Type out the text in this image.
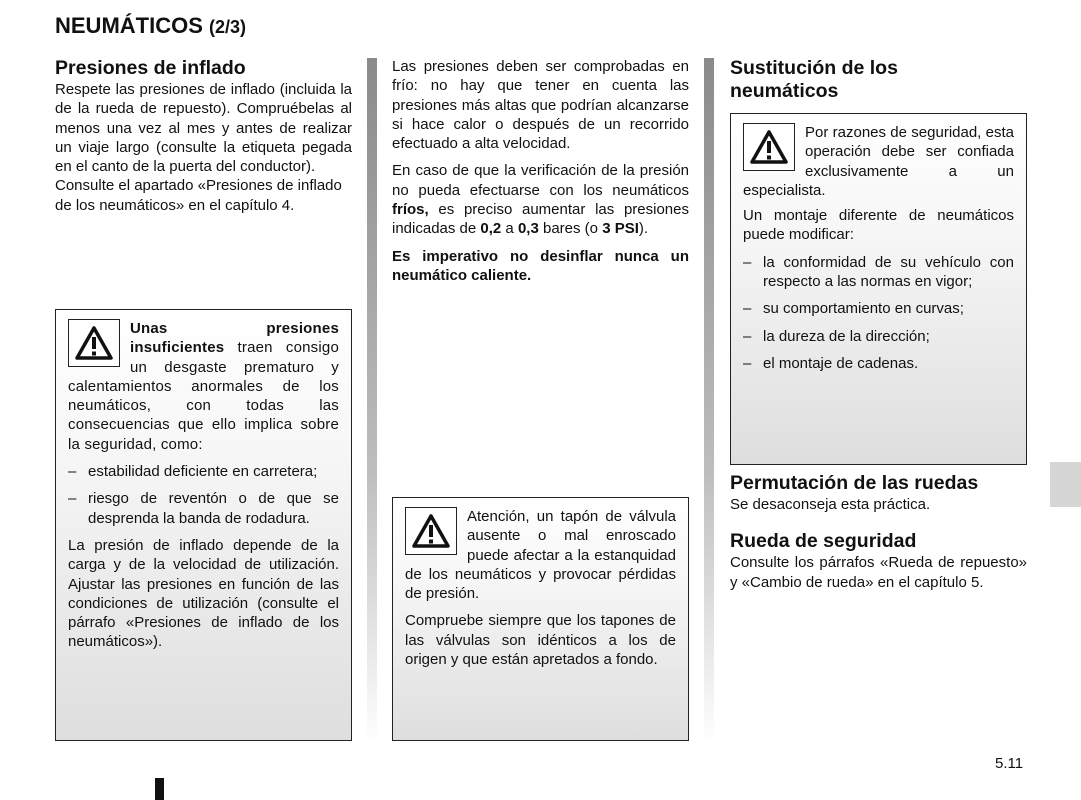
NEUMÁTICOS (2/3)
Presiones de inflado

Respete las presiones de inflado (incluida la de la rueda de repuesto). Compruébelas al menos una vez al mes y antes de realizar un viaje largo (consulte la etiqueta pegada en el canto de la puerta del conductor).

Consulte el apartado «Presiones de inflado de los neumáticos» en el capítulo 4.

Unas presiones insuficientes traen consigo un desgaste prematuro y calentamientos anormales de los neumáticos, con todas las consecuencias que ello implica sobre la seguridad, como:

– estabilidad deficiente en carretera;
– riesgo de reventón o de que se desprenda la banda de rodadura.

La presión de inflado depende de la carga y de la velocidad de utilización. Ajustar las presiones en función de las condiciones de utilización (consulte el párrafo «Presiones de inflado de los neumáticos»).

Las presiones deben ser comprobadas en frío: no hay que tener en cuenta las presiones más altas que podrían alcanzarse si hace calor o después de un recorrido efectuado a alta velocidad.

En caso de que la verificación de la presión no pueda efectuarse con los neumáticos fríos, es preciso aumentar las presiones indicadas de 0,2 a 0,3 bares (o 3 PSI).

Es imperativo no desinflar nunca un neumático caliente.

Atención, un tapón de válvula ausente o mal enroscado puede afectar a la estanquidad de los neumáticos y provocar pérdidas de presión.

Compruebe siempre que los tapones de las válvulas son idénticos a los de origen y que están apretados a fondo.

Sustitución de los neumáticos

Por razones de seguridad, esta operación debe ser confiada exclusivamente a un especialista.

Un montaje diferente de neumáticos puede modificar:

– la conformidad de su vehículo con respecto a las normas en vigor;
– su comportamiento en curvas;
– la dureza de la dirección;
– el montaje de cadenas.
Permutación de las ruedas

Se desaconseja esta práctica.

Rueda de seguridad

Consulte los párrafos «Rueda de repuesto» y «Cambio de rueda» en el capítulo 5.

5.11
